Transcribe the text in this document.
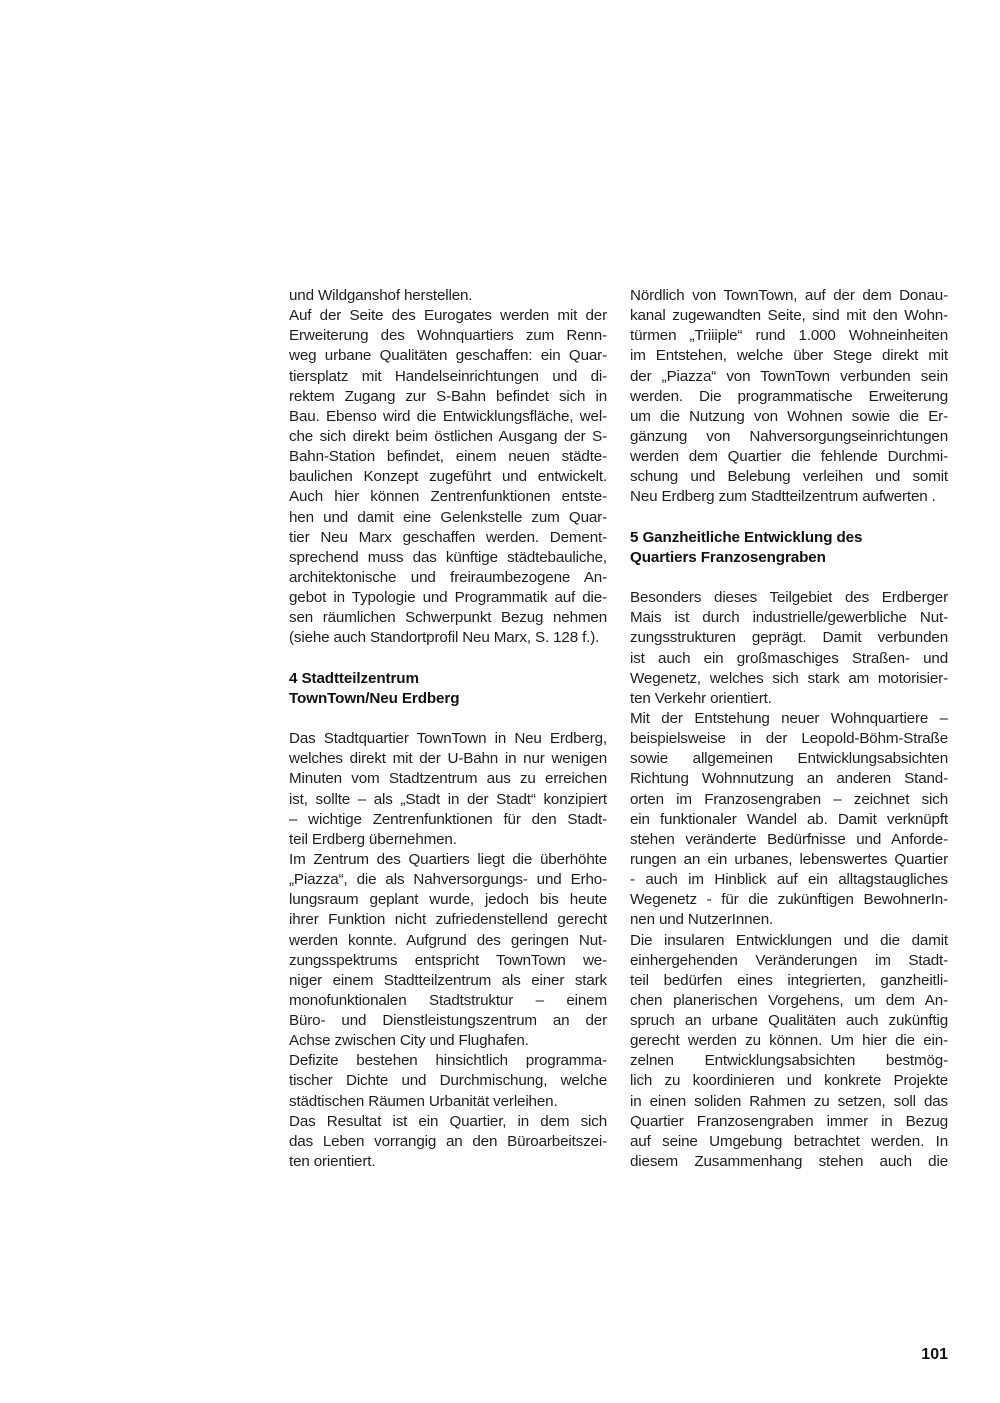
und Wildganshof herstellen.
Auf der Seite des Eurogates werden mit der
Erweiterung des Wohnquartiers zum Renn-
weg urbane Qualitäten geschaffen: ein Quar-
tiersplatz mit Handelseinrichtungen und di-
rektem Zugang zur S-Bahn befindet sich in
Bau. Ebenso wird die Entwicklungsfläche, wel-
che sich direkt beim östlichen Ausgang der S-
Bahn-Station befindet, einem neuen städte-
baulichen Konzept zugeführt und entwickelt.
Auch hier können Zentrenfunktionen entste-
hen und damit eine Gelenkstelle zum Quar-
tier Neu Marx geschaffen werden. Dement-
sprechend muss das künftige städtebauliche,
architektonische und freiraumbezogene An-
gebot in Typologie und Programmatik auf die-
sen räumlichen Schwerpunkt Bezug nehmen
(siehe auch Standortprofil Neu Marx, S. 128 f.).
4 Stadtteilzentrum
TownTown/Neu Erdberg
Das Stadtquartier TownTown in Neu Erdberg,
welches direkt mit der U-Bahn in nur wenigen
Minuten vom Stadtzentrum aus zu erreichen
ist, sollte – als „Stadt in der Stadt“ konzipiert
– wichtige Zentrenfunktionen für den Stadt-
teil Erdberg übernehmen.
Im Zentrum des Quartiers liegt die überhöhte
„Piazza“, die als Nahversorgungs- und Erho-
lungsraum geplant wurde, jedoch bis heute
ihrer Funktion nicht zufriedenstellend gerecht
werden konnte. Aufgrund des geringen Nut-
zungsspektrums entspricht TownTown we-
niger einem Stadtteilzentrum als einer stark
monofunktionalen Stadtstruktur – einem
Büro- und Dienstleistungszentrum an der
Achse zwischen City und Flughafen.
Defizite bestehen hinsichtlich programma-
tischer Dichte und Durchmischung, welche
städtischen Räumen Urbanität verleihen.
Das Resultat ist ein Quartier, in dem sich
das Leben vorrangig an den Büroarbeitszei-
ten orientiert.
Nördlich von TownTown, auf der dem Donau-
kanal zugewandten Seite, sind mit den Wohn-
türmen „Triiiple“ rund 1.000 Wohneinheiten
im Entstehen, welche über Stege direkt mit
der „Piazza“ von TownTown verbunden sein
werden. Die programmatische Erweiterung
um die Nutzung von Wohnen sowie die Er-
gänzung von Nahversorgungseinrichtungen
werden dem Quartier die fehlende Durchmi-
schung und Belebung verleihen und somit
Neu Erdberg zum Stadtteilzentrum aufwerten .
5 Ganzheitliche Entwicklung des
Quartiers Franzosengraben
Besonders dieses Teilgebiet des Erdberger
Mais ist durch industrielle/gewerbliche Nut-
zungsstrukturen geprägt. Damit verbunden
ist auch ein großmaschiges Straßen- und
Wegenetz, welches sich stark am motorisier-
ten Verkehr orientiert.
Mit der Entstehung neuer Wohnquartiere –
beispielsweise in der Leopold-Böhm-Straße
sowie allgemeinen Entwicklungsabsichten
Richtung Wohnnutzung an anderen Stand-
orten im Franzosengraben – zeichnet sich
ein funktionaler Wandel ab. Damit verknüpft
stehen veränderte Bedürfnisse und Anforde-
rungen an ein urbanes, lebenswertes Quartier
- auch im Hinblick auf ein alltagstaugliches
Wegenetz - für die zukünftigen BewohnerIn-
nen und NutzerInnen.
Die insularen Entwicklungen und die damit
einhergehenden Veränderungen im Stadt-
teil bedürfen eines integrierten, ganzheitli-
chen planerischen Vorgehens, um dem An-
spruch an urbane Qualitäten auch zukünftig
gerecht werden zu können. Um hier die ein-
zelnen Entwicklungsabsichten bestmög-
lich zu koordinieren und konkrete Projekte
in einen soliden Rahmen zu setzen, soll das
Quartier Franzosengraben immer in Bezug
auf seine Umgebung betrachtet werden. In
diesem Zusammenhang stehen auch die
101
